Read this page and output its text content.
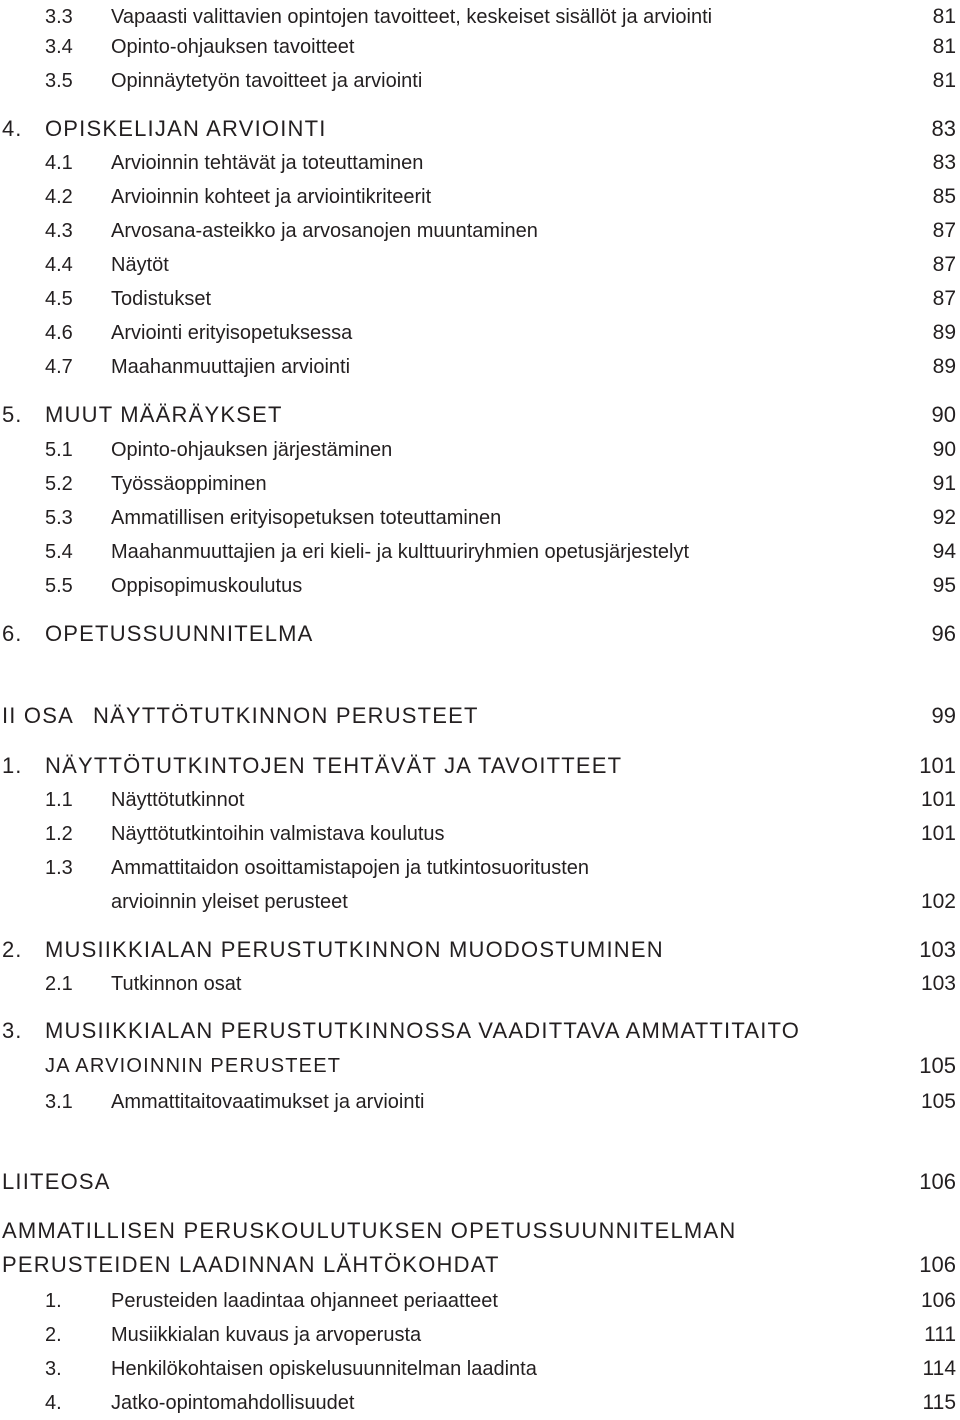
3.3 Vapaasti valittavien opintojen tavoitteet, keskeiset sisällöt ja arviointi	81
3.4 Opinto-ohjauksen tavoitteet	81
3.5 Opinnäytetyön tavoitteet ja arviointi	81
4. OPISKELIJAN ARVIOINTI	83
4.1 Arvioinnin tehtävät ja toteuttaminen	83
4.2 Arvioinnin kohteet ja arviointikriteerit	85
4.3 Arvosana-asteikko ja arvosanojen muuntaminen	87
4.4 Näytöt	87
4.5 Todistukset	87
4.6 Arviointi erityisopetuksessa	89
4.7 Maahanmuuttajien arviointi	89
5. MUUT MÄÄRÄYKSET	90
5.1 Opinto-ohjauksen järjestäminen	90
5.2 Työssäoppiminen	91
5.3 Ammatillisen erityisopetuksen toteuttaminen	92
5.4 Maahanmuuttajien ja eri kieli- ja kulttuuriryhmien opetusjärjestelyt	94
5.5 Oppisopimuskoulutus	95
6. OPETUSSUUNNITELMA	96
II OSA NÄYTTÖTUTKINNON PERUSTEET	99
1. NÄYTTÖTUTKINTOJEN TEHTÄVÄT JA TAVOITTEET	101
1.1 Näyttötutkinnot	101
1.2 Näyttötutkintoihin valmistava koulutus	101
1.3 Ammattitaidon osoittamistapojen ja tutkintosuoritusten
arvioinnin yleiset perusteet	102
2. MUSIIKKIALAN PERUSTUTKINNON MUODOSTUMINEN	103
2.1 Tutkinnon osat	103
3. MUSIIKKIALAN PERUSTUTKINNOSSA VAADITTAVA AMMATTITAITO
JA ARVIOINNIN PERUSTEET	105
3.1 Ammattitaitovaatimukset ja arviointi	105
LIITEOSA	106
AMMATILLISEN PERUSKOULUTUKSEN OPETUSSUUNNITELMAN
PERUSTEIDEN LAADINNAN LÄHTÖKOHDAT	106
1. Perusteiden laadintaa ohjanneet periaatteet	106
2. Musiikkialan kuvaus ja arvoperusta	111
3. Henkilökohtaisen opiskelusuunnitelman laadinta	114
4. Jatko-opintomahdollisuudet	115
